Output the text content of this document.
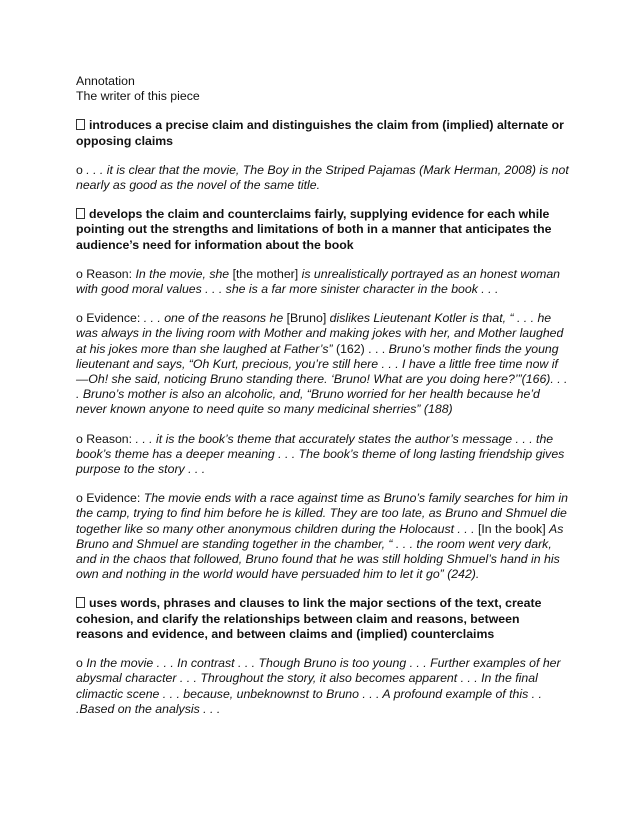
Annotation
The writer of this piece

introduces a precise claim and distinguishes the claim from (implied) alternate or opposing claims

o . . . it is clear that the movie, The Boy in the Striped Pajamas (Mark Herman, 2008) is not nearly as good as the novel of the same title.

develops the claim and counterclaims fairly, supplying evidence for each while pointing out the strengths and limitations of both in a manner that anticipates the audience’s need for information about the book

o Reason: In the movie, she [the mother] is unrealistically portrayed as an honest woman with good moral values . . . she is a far more sinister character in the book . . .

o Evidence: . . . one of the reasons he [Bruno] dislikes Lieutenant Kotler is that, “ . . . he was always in the living room with Mother and making jokes with her, and Mother laughed at his jokes more than she laughed at Father’s” (162) . . . Bruno’s mother finds the young lieutenant and says, “Oh Kurt, precious, you’re still here . . . I have a little free time now if—Oh! she said, noticing Bruno standing there. ‘Bruno! What are you doing here?’”(166). . . . Bruno’s mother is also an alcoholic, and, “Bruno worried for her health because he’d never known anyone to need quite so many medicinal sherries” (188)

o Reason: . . . it is the book’s theme that accurately states the author’s message . . . the book’s theme has a deeper meaning . . . The book’s theme of long lasting friendship gives purpose to the story . . .

o Evidence: The movie ends with a race against time as Bruno’s family searches for him in the camp, trying to find him before he is killed. They are too late, as Bruno and Shmuel die together like so many other anonymous children during the Holocaust . . . [In the book] As Bruno and Shmuel are standing together in the chamber, “ . . . the room went very dark, and in the chaos that followed, Bruno found that he was still holding Shmuel’s hand in his own and nothing in the world would have persuaded him to let it go” (242).

uses words, phrases and clauses to link the major sections of the text, create cohesion, and clarify the relationships between claim and reasons, between reasons and evidence, and between claims and (implied) counterclaims

o In the movie . . . In contrast . . . Though Bruno is too young . . . Further examples of her abysmal character . . . Throughout the story, it also becomes apparent . . . In the final climactic scene . . . because, unbeknownst to Bruno . . . A profound example of this . . .Based on the analysis . . .
